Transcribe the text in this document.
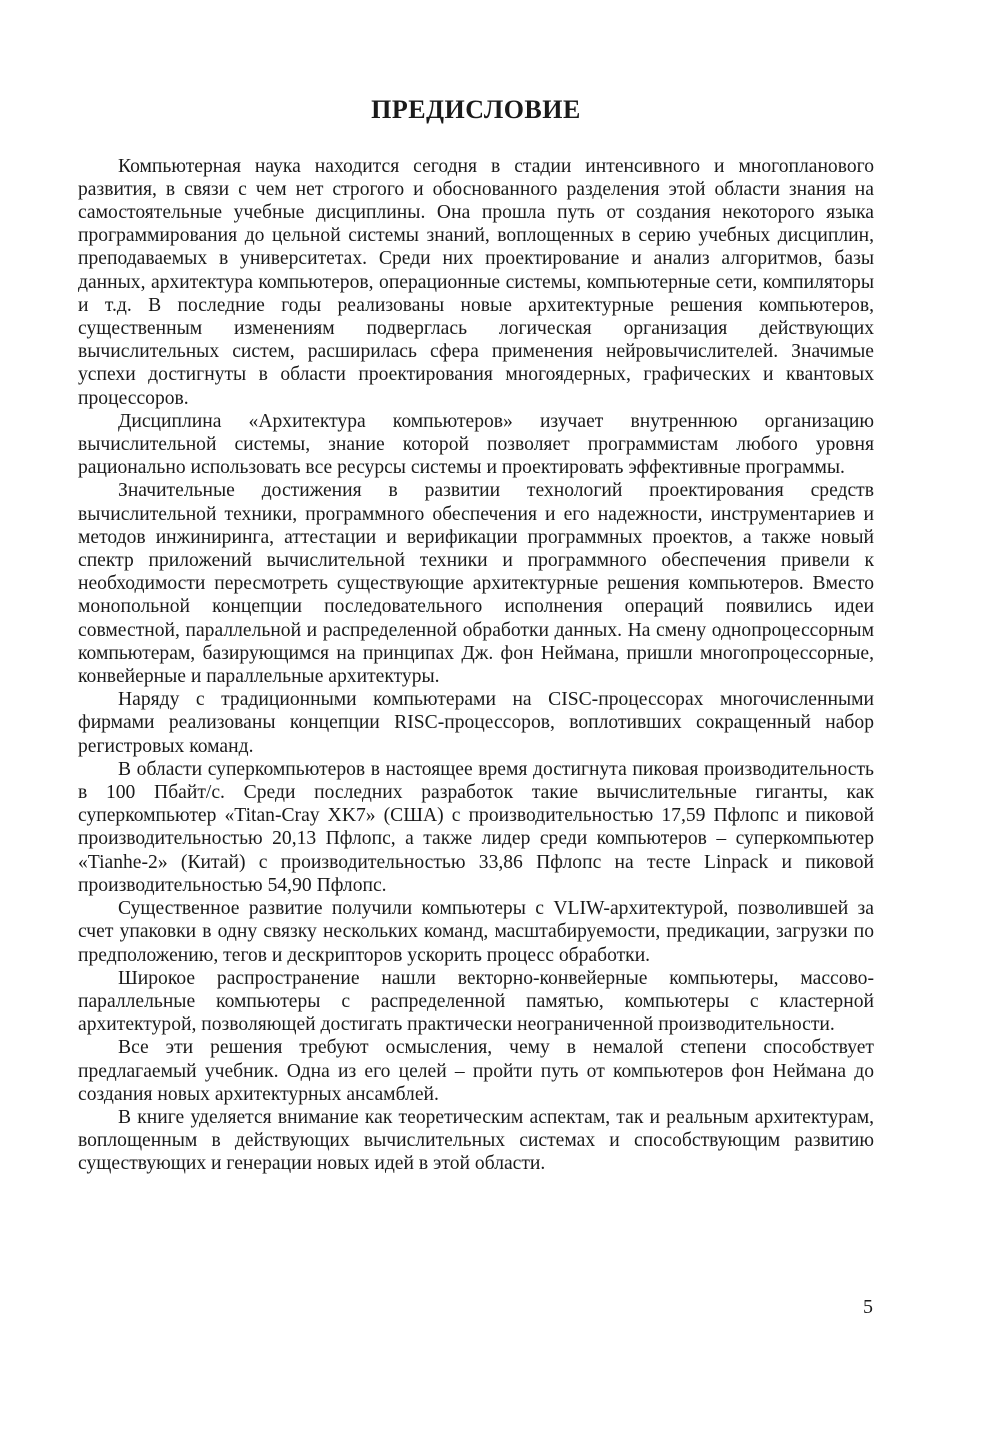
ПРЕДИСЛОВИЕ

Компьютерная наука находится сегодня в стадии интенсивного и многопланового развития, в связи с чем нет строгого и обоснованного разделения этой области знания на самостоятельные учебные дисциплины. Она прошла путь от создания некоторого языка программирования до цельной системы знаний, воплощенных в серию учебных дисциплин, преподаваемых в университетах. Среди них проектирование и анализ алгоритмов, базы данных, архитектура компьютеров, операционные системы, компьютерные сети, компиляторы и т.д. В последние годы реализованы новые архитектурные решения компьютеров, существенным изменениям подверглась логическая организация действующих вычислительных систем, расширилась сфера применения нейровычислителей. Значимые успехи достигнуты в области проектирования многоядерных, графических и квантовых процессоров.

Дисциплина «Архитектура компьютеров» изучает внутреннюю организацию вычислительной системы, знание которой позволяет программистам любого уровня рационально использовать все ресурсы системы и проектировать эффективные программы.

Значительные достижения в развитии технологий проектирования средств вычислительной техники, программного обеспечения и его надежности, инструментариев и методов инжиниринга, аттестации и верификации программных проектов, а также новый спектр приложений вычислительной техники и программного обеспечения привели к необходимости пересмотреть существующие архитектурные решения компьютеров. Вместо монопольной концепции последовательного исполнения операций появились идеи совместной, параллельной и распределенной обработки данных. На смену однопроцессорным компьютерам, базирующимся на принципах Дж. фон Неймана, пришли многопроцессорные, конвейерные и параллельные архитектуры.

Наряду с традиционными компьютерами на CISC-процессорах многочисленными фирмами реализованы концепции RISC-процессоров, воплотивших сокращенный набор регистровых команд.

В области суперкомпьютеров в настоящее время достигнута пиковая производительность в 100 Пбайт/с. Среди последних разработок такие вычислительные гиганты, как суперкомпьютер «Titan-Cray XK7» (США) с производительностью 17,59 Пфлопс и пиковой производительностью 20,13 Пфлопс, а также лидер среди компьютеров – суперкомпьютер «Tianhe-2» (Китай) с производительностью 33,86 Пфлопс на тесте Linpack и пиковой производительностью 54,90 Пфлопс.

Существенное развитие получили компьютеры с VLIW-архитектурой, позволившей за счет упаковки в одну связку нескольких команд, масштабируемости, предикации, загрузки по предположению, тегов и дескрипторов ускорить процесс обработки.

Широкое распространение нашли векторно-конвейерные компьютеры, массово-параллельные компьютеры с распределенной памятью, компьютеры с кластерной архитектурой, позволяющей достигать практически неограниченной производительности.

Все эти решения требуют осмысления, чему в немалой степени способствует предлагаемый учебник. Одна из его целей – пройти путь от компьютеров фон Неймана до создания новых архитектурных ансамблей.

В книге уделяется внимание как теоретическим аспектам, так и реальным архитектурам, воплощенным в действующих вычислительных системах и способствующим развитию существующих и генерации новых идей в этой области.

5
